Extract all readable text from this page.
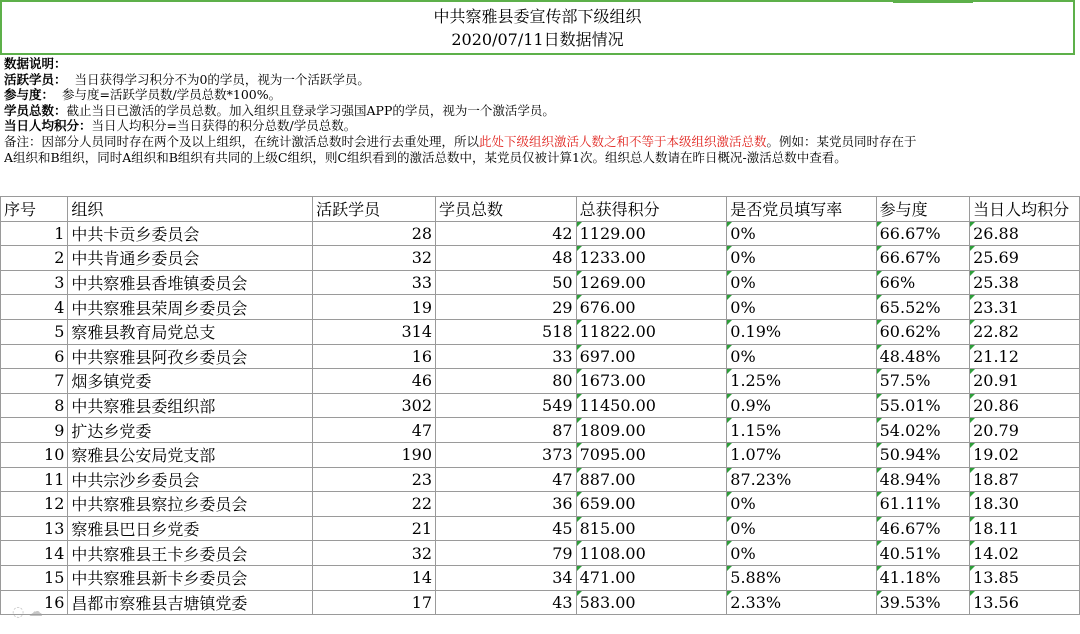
中共察雅县委宣传部下级组织
2020/07/11日数据情况
数据说明：
活跃学员： 当日获得学习积分不为0的学员，视为一个活跃学员。
参与度： 参与度=活跃学员数/学员总数*100%。
学员总数：截止当日已激活的学员总数。加入组织且登录学习强国APP的学员，视为一个激活学员。
当日人均积分：当日人均积分=当日获得的积分总数/学员总数。
备注：因部分人员同时存在两个及以上组织，在统计激活总数时会进行去重处理，所以此处下级组织激活人数之和不等于本级组织激活总数。例如：某党员同时存在于
A组织和B组织，同时A组织和B组织有共同的上级C组织，则C组织看到的激活总数中，某党员仅被计算1次。组织总人数请在昨日概况-激活总数中查看。
序号	组织	活跃学员	学员总数	总获得积分	是否党员填写率	参与度	当日人均积分
1	中共卡贡乡委员会	28	42	1129.00	0%	66.67%	26.88
2	中共肯通乡委员会	32	48	1233.00	0%	66.67%	25.69
3	中共察雅县香堆镇委员会	33	50	1269.00	0%	66%	25.38
4	中共察雅县荣周乡委员会	19	29	676.00	0%	65.52%	23.31
5	察雅县教育局党总支	314	518	11822.00	0.19%	60.62%	22.82
6	中共察雅县阿孜乡委员会	16	33	697.00	0%	48.48%	21.12
7	烟多镇党委	46	80	1673.00	1.25%	57.5%	20.91
8	中共察雅县委组织部	302	549	11450.00	0.9%	55.01%	20.86
9	扩达乡党委	47	87	1809.00	1.15%	54.02%	20.79
10	察雅县公安局党支部	190	373	7095.00	1.07%	50.94%	19.02
11	中共宗沙乡委员会	23	47	887.00	87.23%	48.94%	18.87
12	中共察雅县察拉乡委员会	22	36	659.00	0%	61.11%	18.30
13	察雅县巴日乡党委	21	45	815.00	0%	46.67%	18.11
14	中共察雅县王卡乡委员会	32	79	1108.00	0%	40.51%	14.02
15	中共察雅县新卡乡委员会	14	34	471.00	5.88%	41.18%	13.85
16	昌都市察雅县吉塘镇党委	17	43	583.00	2.33%	39.53%	13.56
◌ ☁
